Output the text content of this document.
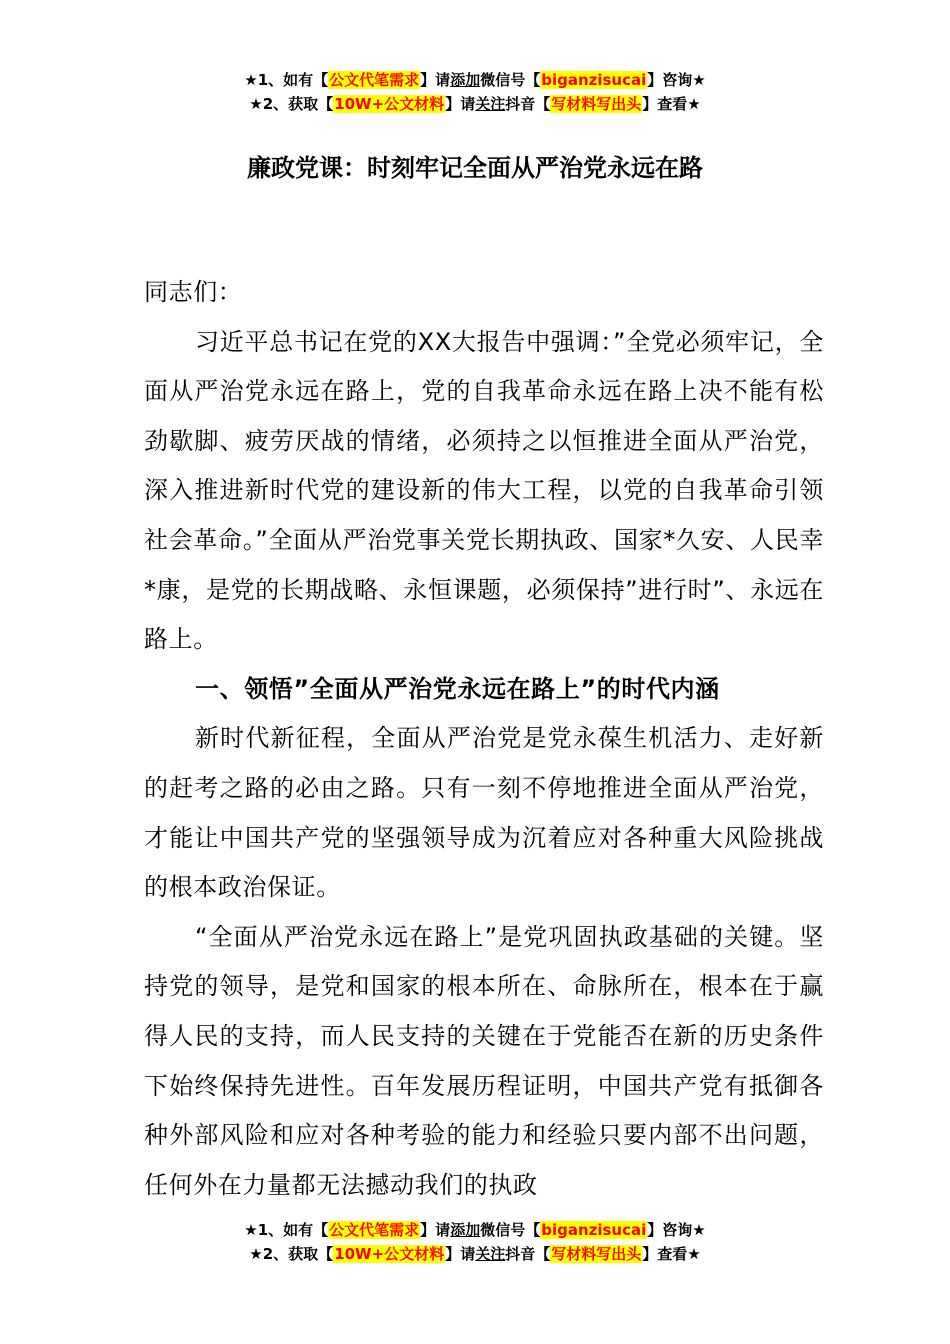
★1、如有【公文代笔需求】请添加微信号【biganzisucai】咨询★
★2、获取【10W+公文材料】请关注抖音【写材料写出头】查看★
廉政党课：时刻牢记全面从严治党永远在路

同志们：

习近平总书记在党的XX大报告中强调：”全党必须牢记，全面从严治党永远在路上，党的自我革命永远在路上决不能有松劲歇脚、疲劳厌战的情绪，必须持之以恒推进全面从严治党，深入推进新时代党的建设新的伟大工程，以党的自我革命引领社会革命。”全面从严治党事关党长期执政、国家*久安、人民幸*康，是党的长期战略、永恒课题，必须保持”进行时”、永远在路上。

一、领悟”全面从严治党永远在路上”的时代内涵

新时代新征程，全面从严治党是党永葆生机活力、走好新的赶考之路的必由之路。只有一刻不停地推进全面从严治党，才能让中国共产党的坚强领导成为沉着应对各种重大风险挑战的根本政治保证。

“全面从严治党永远在路上”是党巩固执政基础的关键。坚持党的领导，是党和国家的根本所在、命脉所在，根本在于赢得人民的支持，而人民支持的关键在于党能否在新的历史条件下始终保持先进性。百年发展历程证明，中国共产党有抵御各种外部风险和应对各种考验的能力和经验只要内部不出问题，任何外在力量都无法撼动我们的执政

★1、如有【公文代笔需求】请添加微信号【biganzisucai】咨询★
★2、获取【10W+公文材料】请关注抖音【写材料写出头】查看★
